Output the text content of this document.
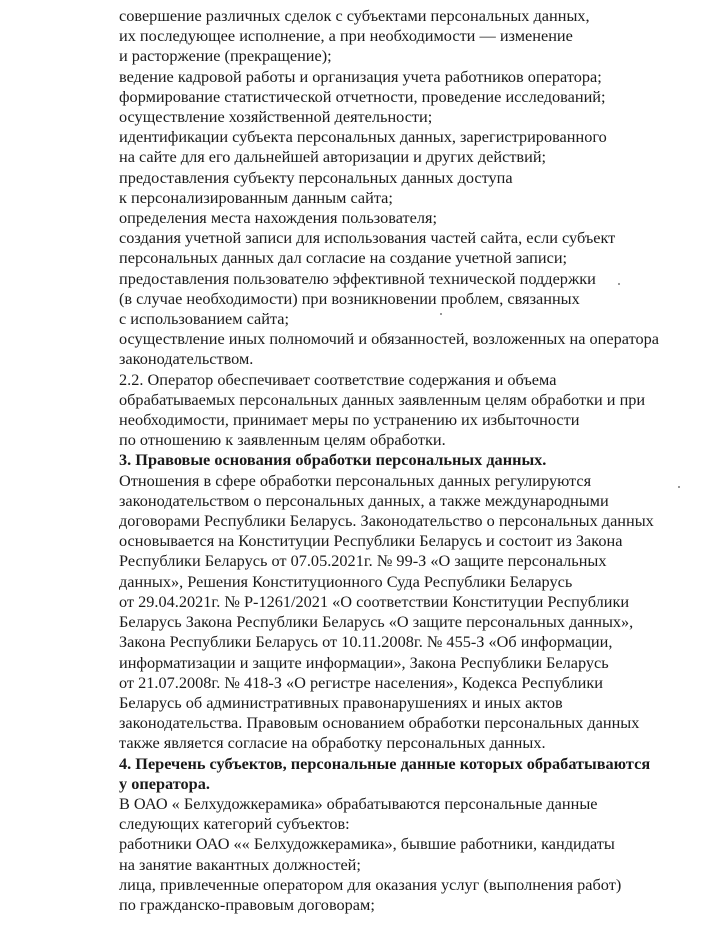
совершение различных сделок с субъектами персональных данных,
их последующее исполнение, а при необходимости — изменение
и расторжение (прекращение);
ведение кадровой работы и организация учета работников оператора;
формирование статистической отчетности, проведение исследований;
осуществление хозяйственной деятельности;
идентификации субъекта персональных данных, зарегистрированного
на сайте для его дальнейшей авторизации и других действий;
предоставления субъекту персональных данных доступа
к персонализированным данным сайта;
определения места нахождения пользователя;
создания учетной записи для использования частей сайта, если субъект
персональных данных дал согласие на создание учетной записи;
предоставления пользователю эффективной технической поддержки
(в случае необходимости) при возникновении проблем, связанных
с использованием сайта;
осуществление иных полномочий и обязанностей, возложенных на оператора
законодательством.
2.2. Оператор обеспечивает соответствие содержания и объема
обрабатываемых персональных данных заявленным целям обработки и при
необходимости, принимает меры по устранению их избыточности
по отношению к заявленным целям обработки.
3. Правовые основания обработки персональных данных.
Отношения в сфере обработки персональных данных регулируются
законодательством о персональных данных, а также международными
договорами Республики Беларусь. Законодательство о персональных данных
основывается на Конституции Республики Беларусь и состоит из Закона
Республики Беларусь от 07.05.2021г. № 99-З «О защите персональных
данных», Решения Конституционного Суда Республики Беларусь
от 29.04.2021г. № Р-1261/2021 «О соответствии Конституции Республики
Беларусь Закона Республики Беларусь «О защите персональных данных»,
Закона Республики Беларусь от 10.11.2008г. № 455-З «Об информации,
информатизации и защите информации», Закона Республики Беларусь
от 21.07.2008г. № 418-З «О регистре населения», Кодекса Республики
Беларусь об административных правонарушениях и иных актов
законодательства. Правовым основанием обработки персональных данных
также является согласие на обработку персональных данных.
4. Перечень субъектов, персональные данные которых обрабатываются
у оператора.
В ОАО « Белхудожкерамика» обрабатываются персональные данные
следующих категорий субъектов:
работники ОАО «« Белхудожкерамика», бывшие работники, кандидаты
на занятие вакантных должностей;
лица, привлеченные оператором для оказания услуг (выполнения работ)
по гражданско-правовым договорам;
